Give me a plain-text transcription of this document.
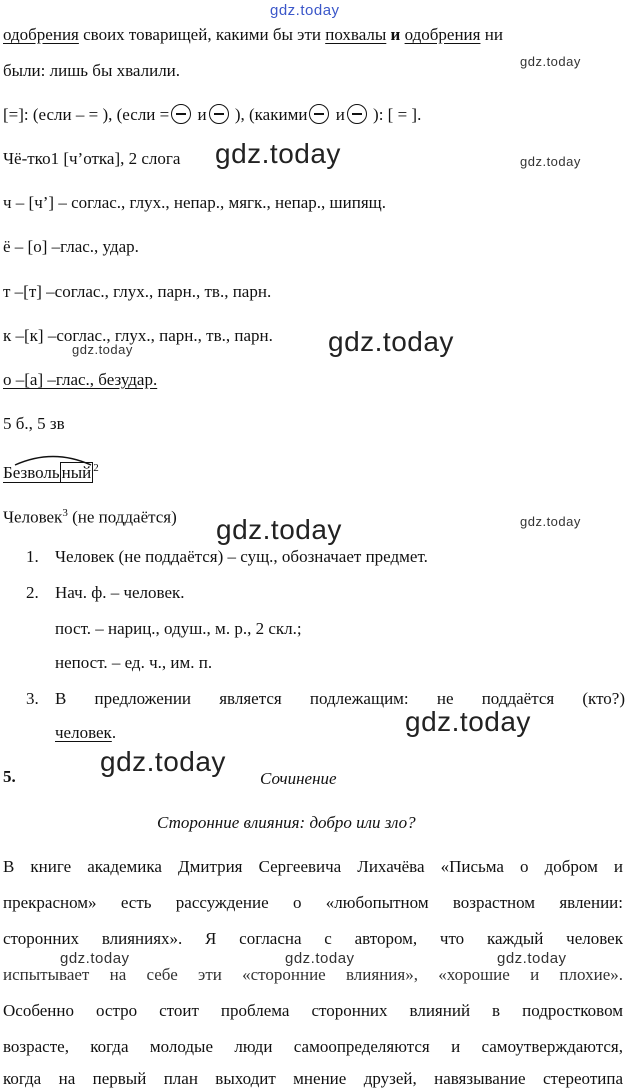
gdz.today
одобрения своих товарищей, какими бы эти похвалы и одобрения ни
были: лишь бы хвалили.	gdz.today
[=]: (если – = ), (если = и ), (какими и ): [ = ].
Чё-тко1 [ч’отка], 2 слога gdz.today	gdz.today
ч – [ч’] – соглас., глух., непар., мягк., непар., шипящ.
ё – [о] –глас., удар.
т –[т] –соглас., глух., парн., тв., парн.
к –[к] –соглас., глух., парн., тв., парн. gdz.today
gdz.today
о –[а] –глас., безудар.
5 б., 5 зв
Безволь ный $^2$
Человек$^3$ (не поддаётся) gdz.today	gdz.today
1. Человек (не поддаётся) – сущ., обозначает предмет.
2. Нач. ф. – человек.
пост. – нариц., одуш., м. р., 2 скл.;
непост. – ед. ч., им. п.
3. В предложении является подлежащим: не поддаётся (кто?)
человек.	gdz.today
5.	Сочинение
gdz.today
Сторонние влияния: добро или зло?
В книге академика Дмитрия Сергеевича Лихачёва «Письма о добром и
прекрасном» есть рассуждение о «любопытном возрастном явлении:
сторонних влияниях». Я согласна с автором, что каждый человек
испытывает на себе эти «сторонние влияния», «хорошие и плохие».
gdz.today	gdz.today	gdz.today
Особенно остро стоит проблема сторонних влияний в подростковом
возрасте, когда молодые люди самоопределяются и самоутверждаются,
когда на первый план выходит мнение друзей, навязывание стереотипа
